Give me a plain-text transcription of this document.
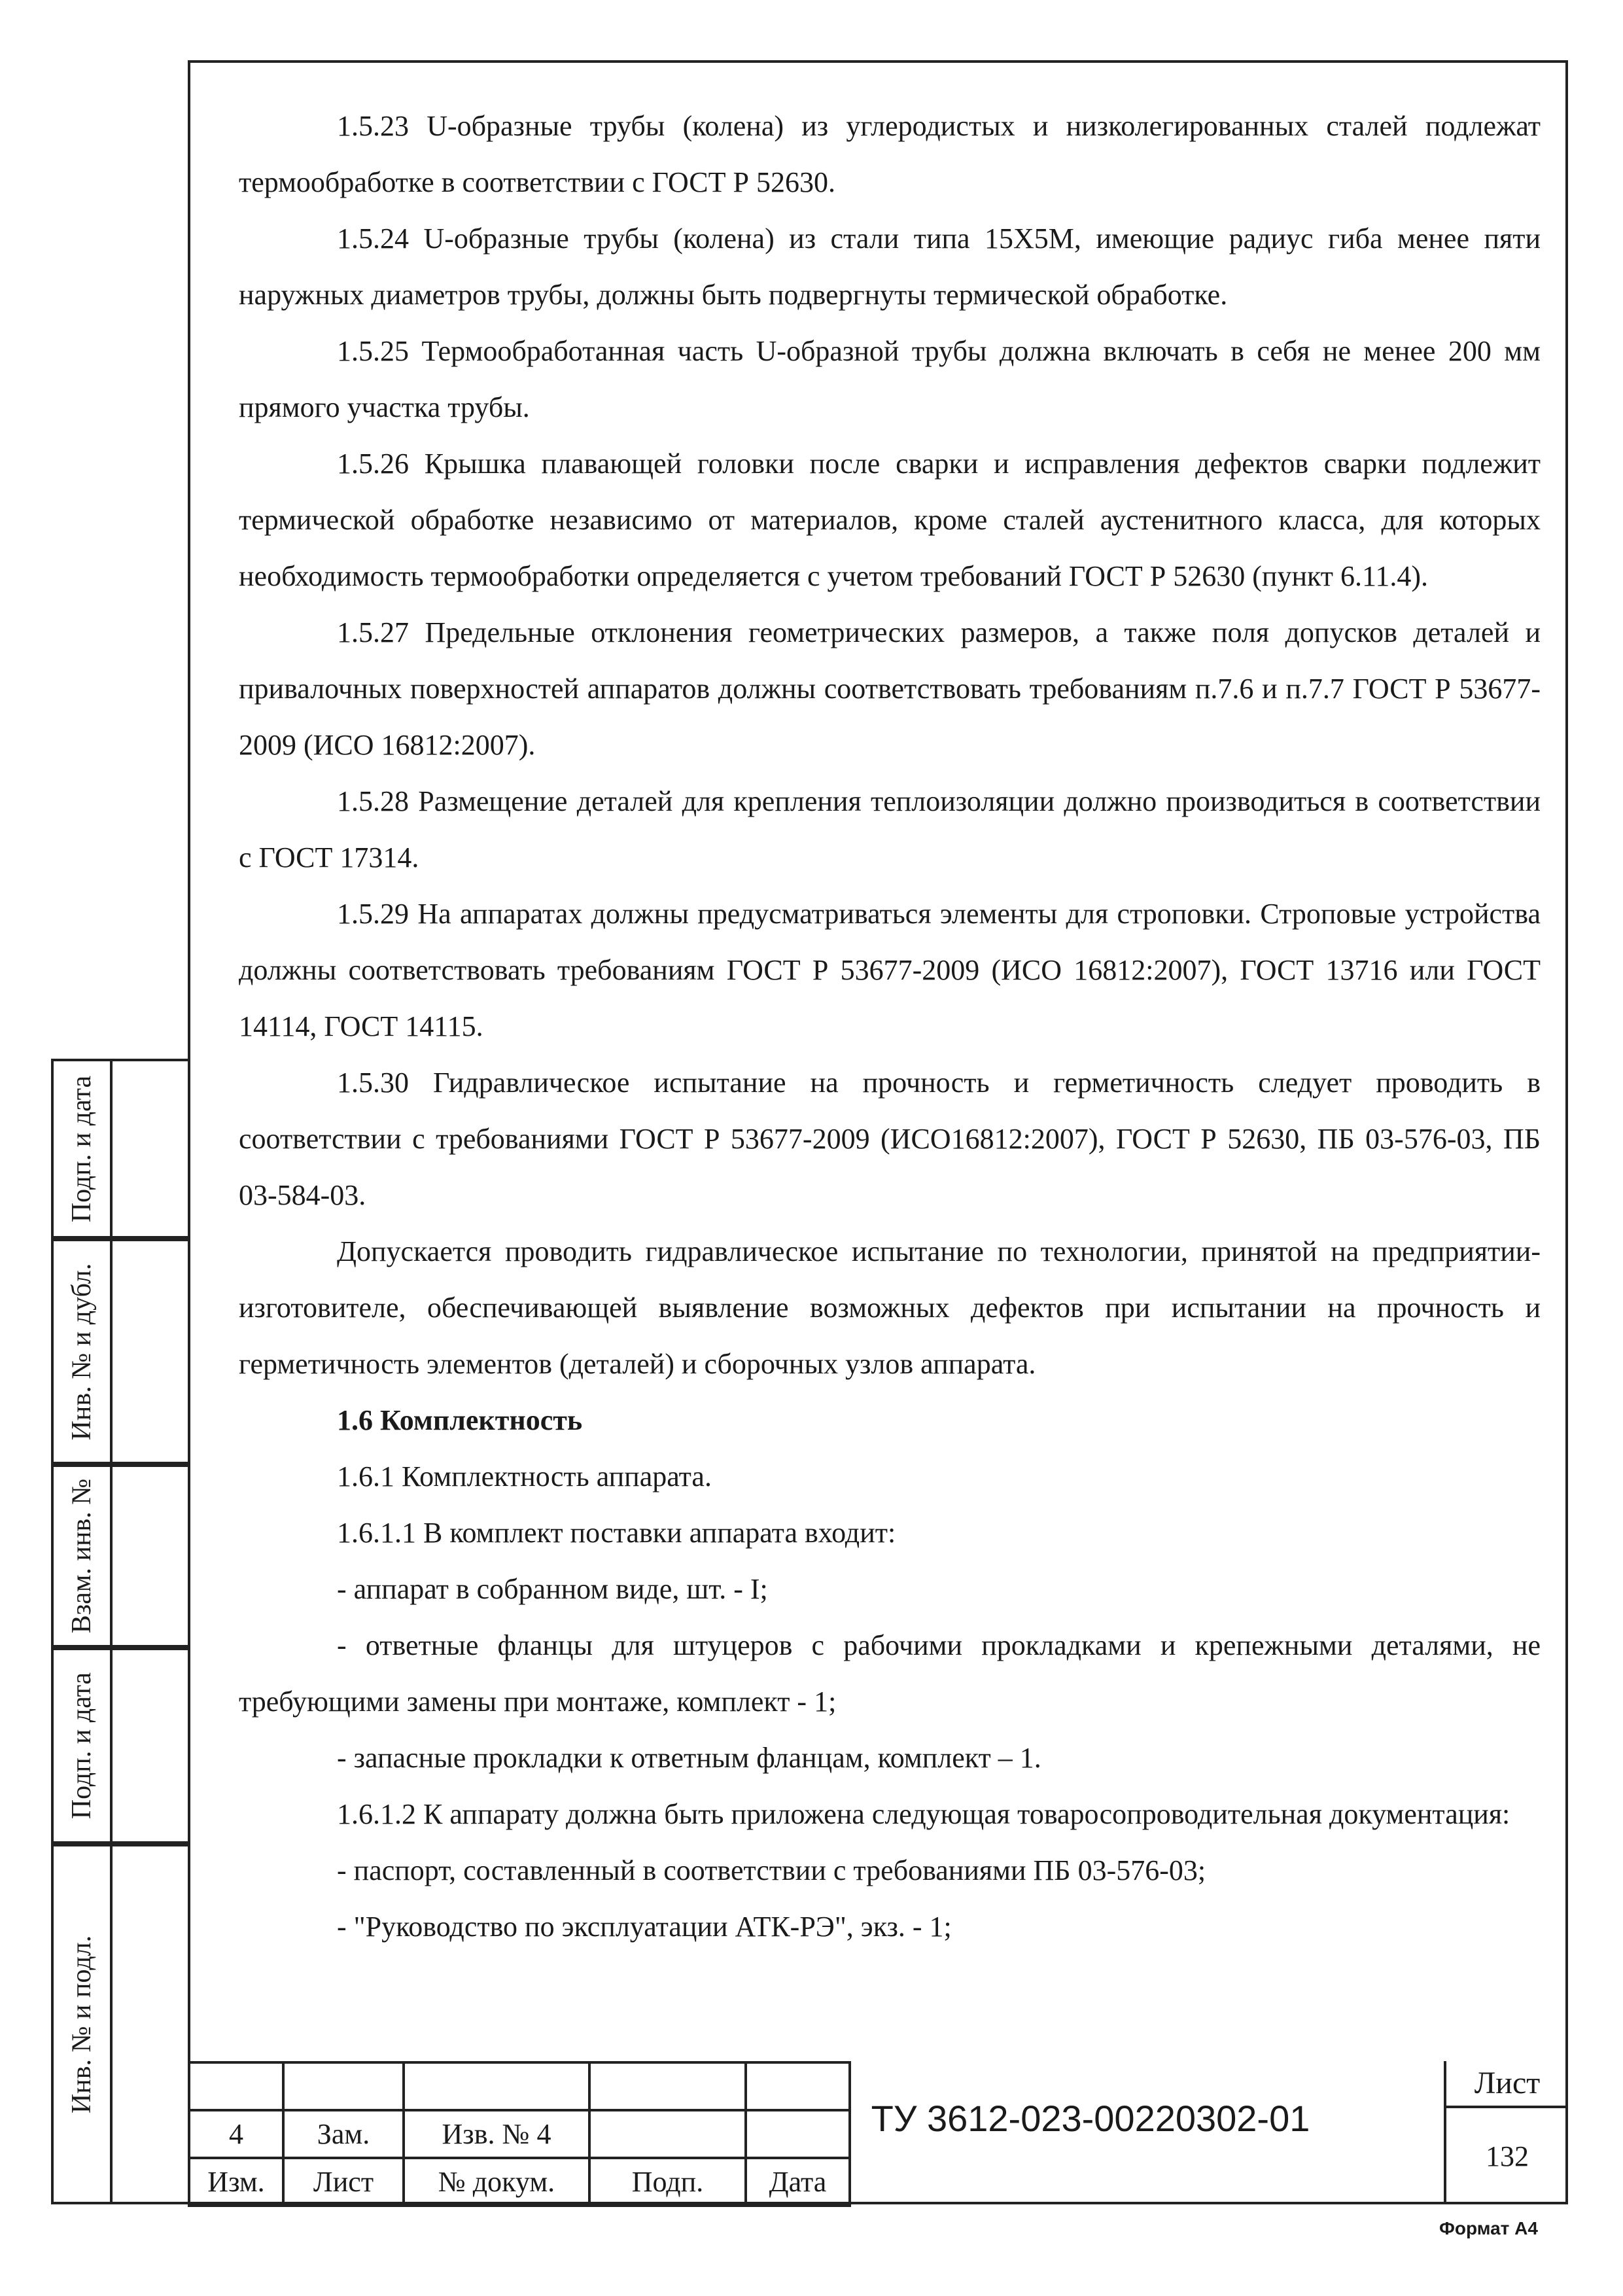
Подп. и дата
Инв. № и дубл.
Взам. инв. №
Подп. и дата
Инв. № и подл.

1.5.23 U-образные трубы (колена) из углеродистых и низколегированных сталей подлежат термообработке в соответствии с ГОСТ Р 52630.

1.5.24 U-образные трубы (колена) из стали типа 15Х5М, имеющие радиус гиба менее пяти наружных диаметров трубы, должны быть подвергнуты термической обработке.

1.5.25 Термообработанная часть U-образной трубы должна включать в себя не менее 200 мм прямого участка трубы.

1.5.26 Крышка плавающей головки после сварки и исправления дефектов сварки подлежит термической обработке независимо от материалов, кроме сталей аустенитного класса, для которых необходимость термообработки определяется с учетом требований ГОСТ Р 52630 (пункт 6.11.4).

1.5.27 Предельные отклонения геометрических размеров, а также поля допусков деталей и привалочных поверхностей аппаратов должны соответствовать требованиям п.7.6 и п.7.7 ГОСТ Р 53677-2009 (ИСО 16812:2007).

1.5.28 Размещение деталей для крепления теплоизоляции должно производиться в соответствии с ГОСТ 17314.

1.5.29 На аппаратах должны предусматриваться элементы для строповки. Строповые устройства должны соответствовать требованиям ГОСТ Р 53677-2009 (ИСО 16812:2007), ГОСТ 13716 или ГОСТ 14114, ГОСТ 14115.

1.5.30 Гидравлическое испытание на прочность и герметичность следует проводить в соответствии с требованиями ГОСТ Р 53677-2009 (ИСО16812:2007), ГОСТ Р 52630, ПБ 03-576-03, ПБ 03-584-03.

Допускается проводить гидравлическое испытание по технологии, принятой на предприятии-изготовителе, обеспечивающей выявление возможных дефектов при испытании на прочность и герметичность элементов (деталей) и сборочных узлов аппарата.

1.6 Комплектность

1.6.1 Комплектность аппарата.

1.6.1.1 В комплект поставки аппарата входит:

- аппарат в собранном виде, шт. - I;

- ответные фланцы для штуцеров с рабочими прокладками и крепежными деталями, не требующими замены при монтаже, комплект - 1;

- запасные прокладки к ответным фланцам, комплект – 1.

1.6.1.2 К аппарату должна быть приложена следующая товаросопроводительная документация:

- паспорт, составленный в соответствии с требованиями ПБ 03-576-03;

- "Руководство по эксплуатации АТК-РЭ", экз. - 1;

4	Зам.	Изв. № 4		
Изм.	Лист	№ докум.	Подп.	Дата
ТУ 3612-023-00220302-01
Лист
132
Формат А4
